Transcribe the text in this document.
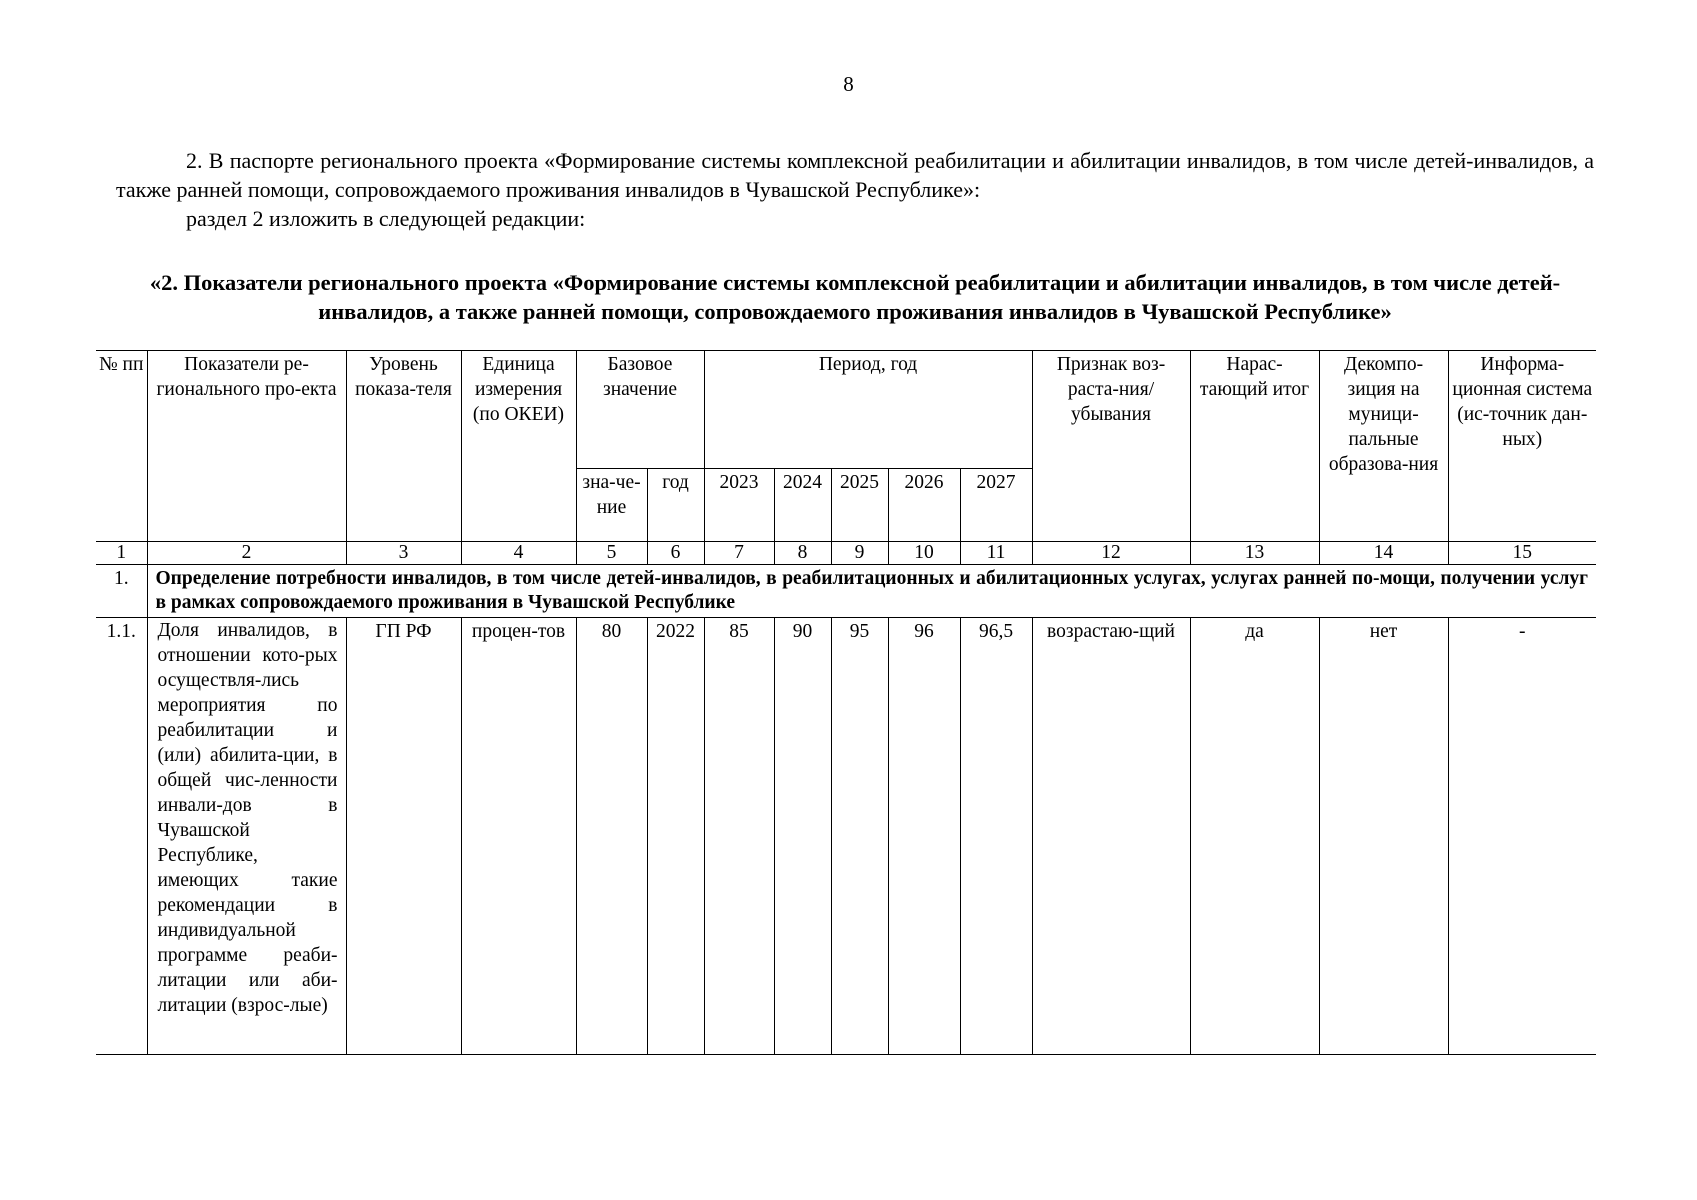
8

2. В паспорте регионального проекта «Формирование системы комплексной реабилитации и абилитации инвалидов, в том числе детей-инвалидов, а также ранней помощи, сопровождаемого проживания инвалидов в Чувашской Республике»:

раздел 2 изложить в следующей редакции:

«2. Показатели регионального проекта «Формирование системы комплексной реабилитации и абилитации инвалидов, в том числе детей-инвалидов, а также ранней помощи, сопровождаемого проживания инвалидов в Чувашской Республике»
№ пп	Показатели ре-гионального про-екта	Уровень показа-теля	Единица измерения (по ОКЕИ)	Базовое значение		Период, год					Признак воз-раста-ния/убывания	Нарас-тающий итог	Декомпо-зиция на муници-пальные образова-ния	Информа-ционная система (ис-точник дан-ных)
				зна-че-ние	год	2023	2024	2025	2026	2027				
1	2	3	4	5	6	7	8	9	10	11	12	13	14	15
1.	Определение потребности инвалидов, в том числе детей-инвалидов, в реабилитационных и абилитационных услугах, услугах ранней по-мощи, получении услуг в рамках сопровождаемого проживания в Чувашской Республике													
1.1.	Доля инвалидов, в отношении кото-рых осуществля-лись мероприятия по реабилитации и (или) абилита-ции, в общей чис-ленности инвали-дов в Чувашской Республике, имеющих такие рекомендации в индивидуальной программе реаби-литации или аби-литации (взрос-лые)	ГП РФ	процен-тов	80	2022	85	90	95	96	96,5	возрастаю-щий	да	нет	-
